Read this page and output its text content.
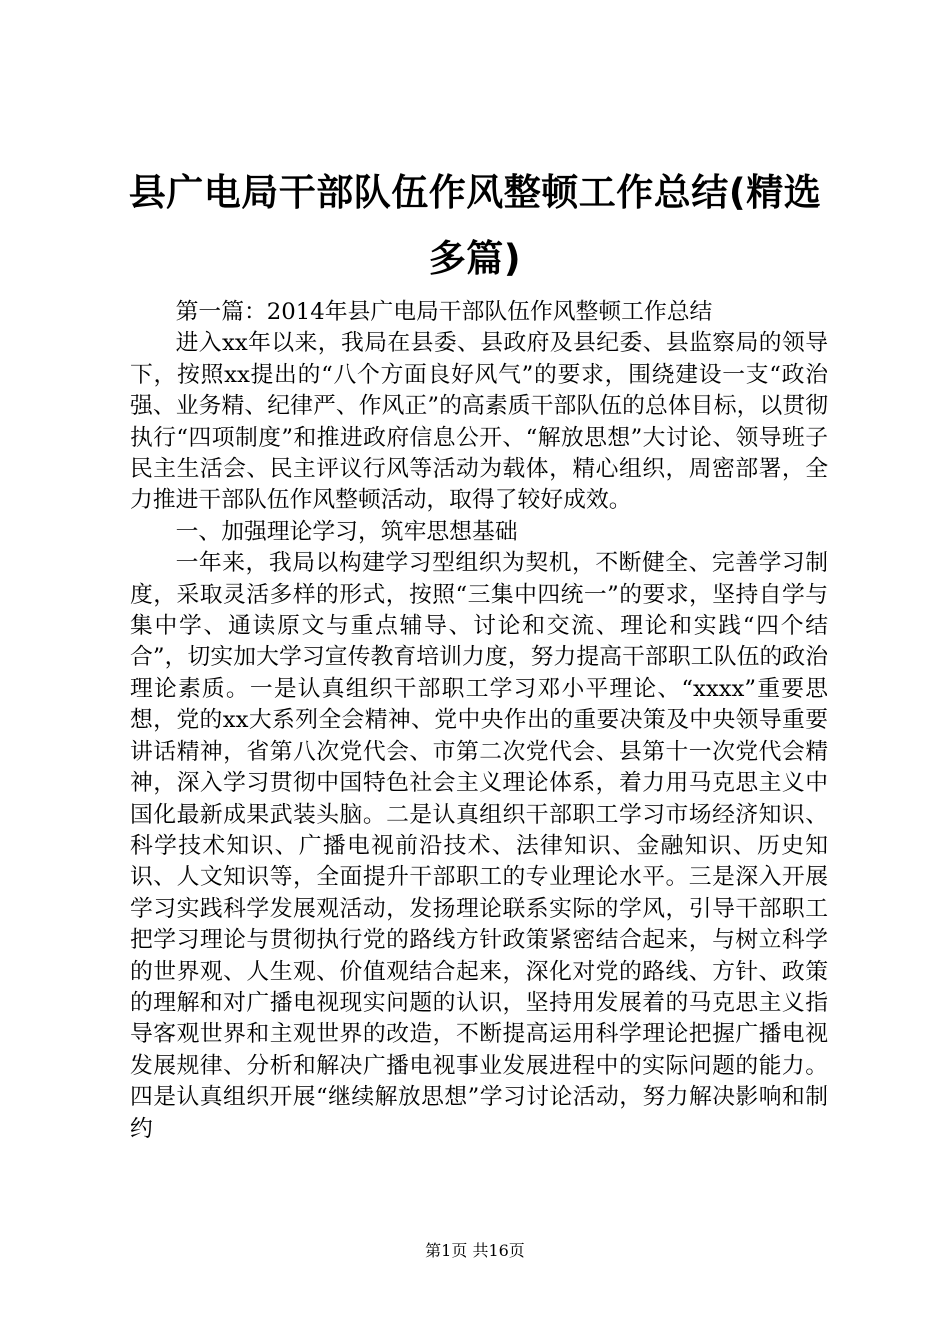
县广电局干部队伍作风整顿工作总结(精选多篇)

第一篇：2014年县广电局干部队伍作风整顿工作总结

进入xx年以来，我局在县委、县政府及县纪委、县监察局的领导下，按照xx提出的“八个方面良好风气”的要求，围绕建设一支“政治强、业务精、纪律严、作风正”的高素质干部队伍的总体目标，以贯彻执行“四项制度”和推进政府信息公开、“解放思想”大讨论、领导班子民主生活会、民主评议行风等活动为载体，精心组织，周密部署，全力推进干部队伍作风整顿活动，取得了较好成效。

一、加强理论学习，筑牢思想基础

一年来，我局以构建学习型组织为契机，不断健全、完善学习制度，采取灵活多样的形式，按照“三集中四统一”的要求，坚持自学与集中学、通读原文与重点辅导、讨论和交流、理论和实践“四个结合”，切实加大学习宣传教育培训力度，努力提高干部职工队伍的政治理论素质。一是认真组织干部职工学习邓小平理论、“xxxx”重要思想，党的xx大系列全会精神、党中央作出的重要决策及中央领导重要讲话精神，省第八次党代会、市第二次党代会、县第十一次党代会精神，深入学习贯彻中国特色社会主义理论体系，着力用马克思主义中国化最新成果武装头脑。二是认真组织干部职工学习市场经济知识、科学技术知识、广播电视前沿技术、法律知识、金融知识、历史知识、人文知识等，全面提升干部职工的专业理论水平。三是深入开展学习实践科学发展观活动，发扬理论联系实际的学风，引导干部职工把学习理论与贯彻执行党的路线方针政策紧密结合起来，与树立科学的世界观、人生观、价值观结合起来，深化对党的路线、方针、政策的理解和对广播电视现实问题的认识，坚持用发展着的马克思主义指导客观世界和主观世界的改造，不断提高运用科学理论把握广播电视发展规律、分析和解决广播电视事业发展进程中的实际问题的能力。四是认真组织开展“继续解放思想”学习讨论活动，努力解决影响和制约

第1页 共16页
